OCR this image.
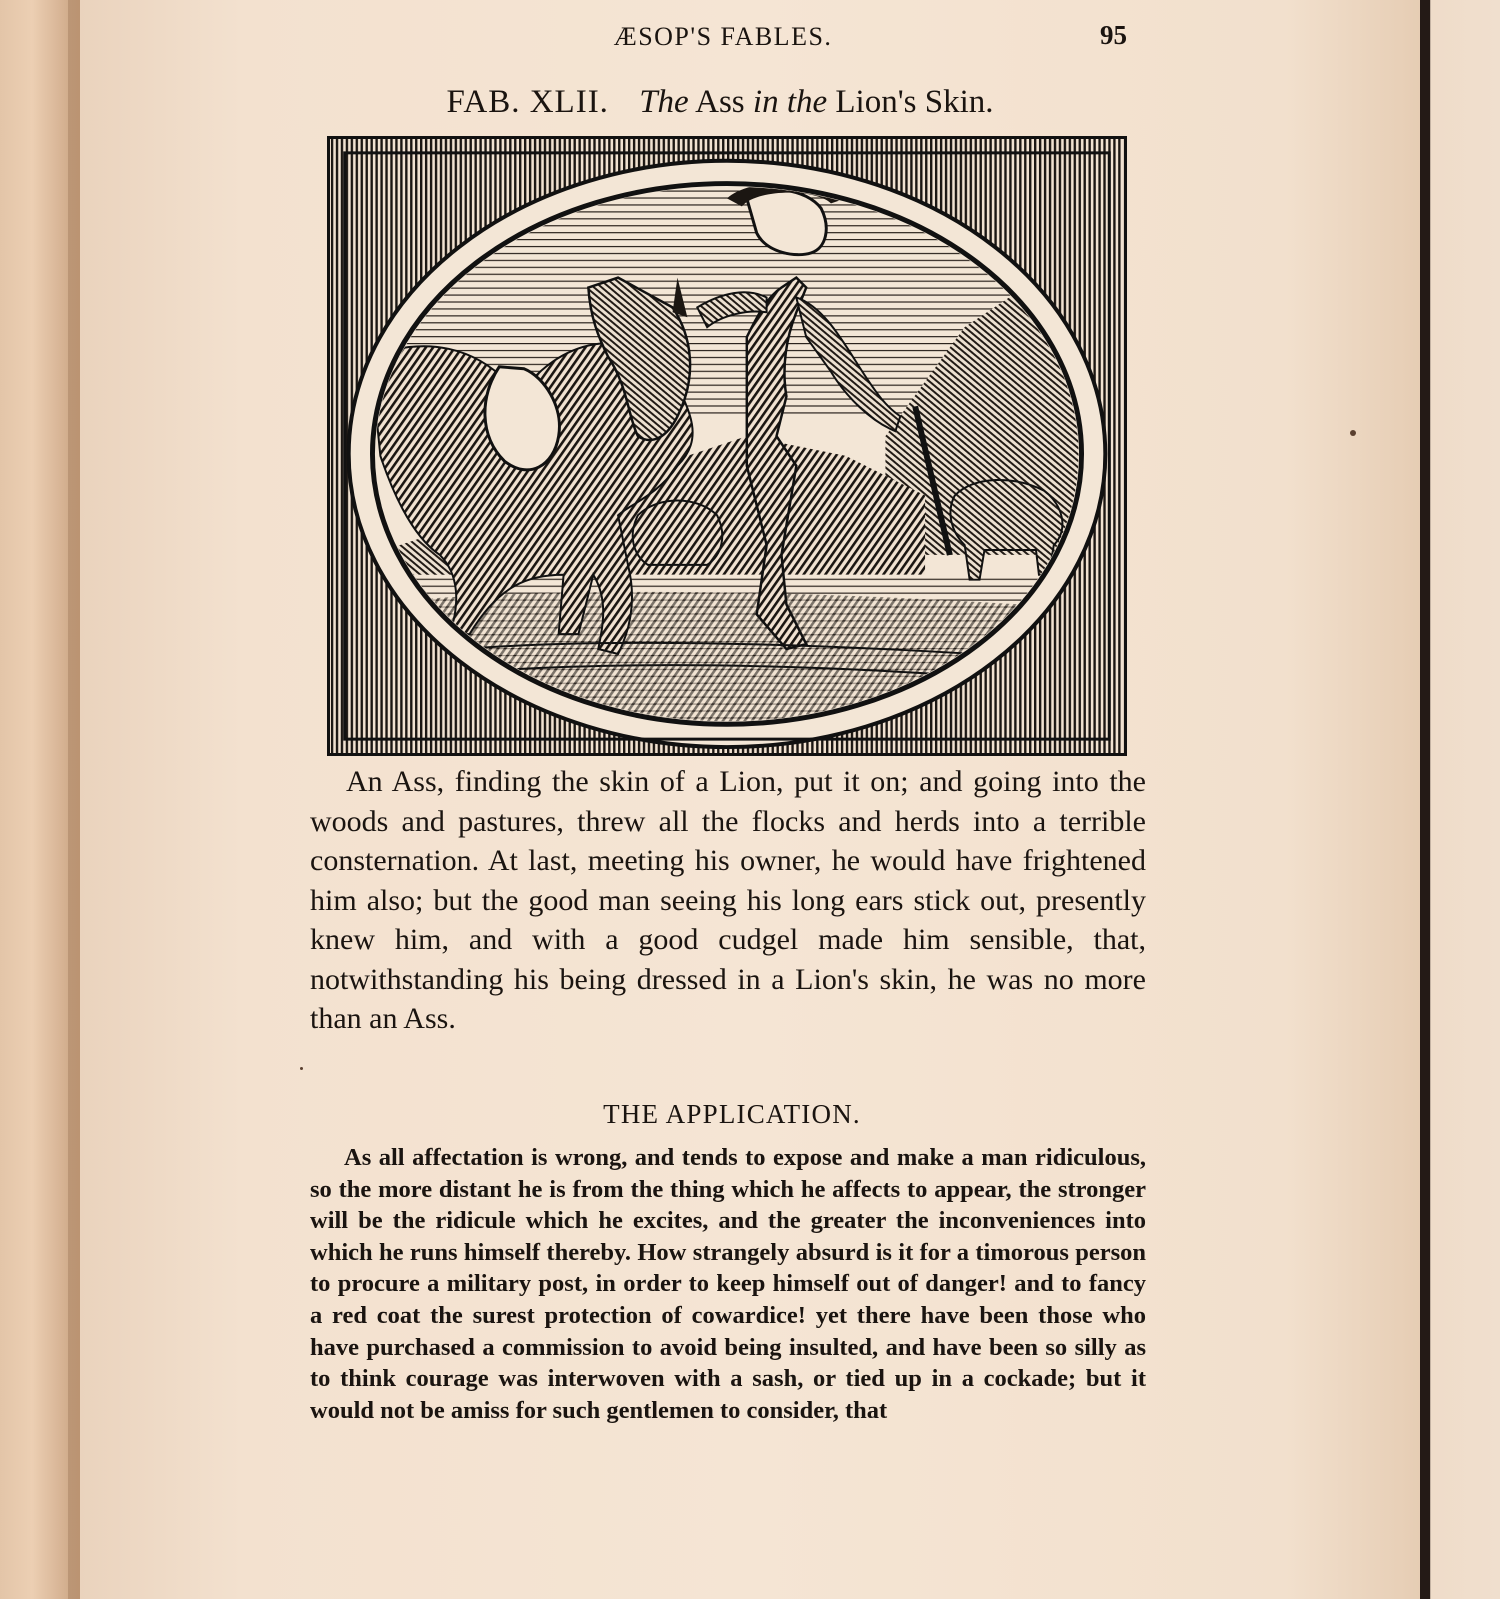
ÆSOP'S FABLES.	95
FAB. XLII. The Ass in the Lion's Skin.

An Ass, finding the skin of a Lion, put it on; and going into the woods and pastures, threw all the flocks and herds into a terrible consternation. At last, meeting his owner, he would have frightened him also; but the good man seeing his long ears stick out, presently knew him, and with a good cudgel made him sensible, that, notwithstanding his being dressed in a Lion's skin, he was no more than an Ass.

THE APPLICATION.

As all affectation is wrong, and tends to expose and make a man ridiculous, so the more distant he is from the thing which he affects to appear, the stronger will be the ridicule which he excites, and the greater the inconveniences into which he runs himself thereby. How strangely absurd is it for a timorous person to procure a military post, in order to keep himself out of danger! and to fancy a red coat the surest protection of cowardice! yet there have been those who have purchased a commission to avoid being insulted, and have been so silly as to think courage was interwoven with a sash, or tied up in a cockade; but it would not be amiss for such gentlemen to consider, that
